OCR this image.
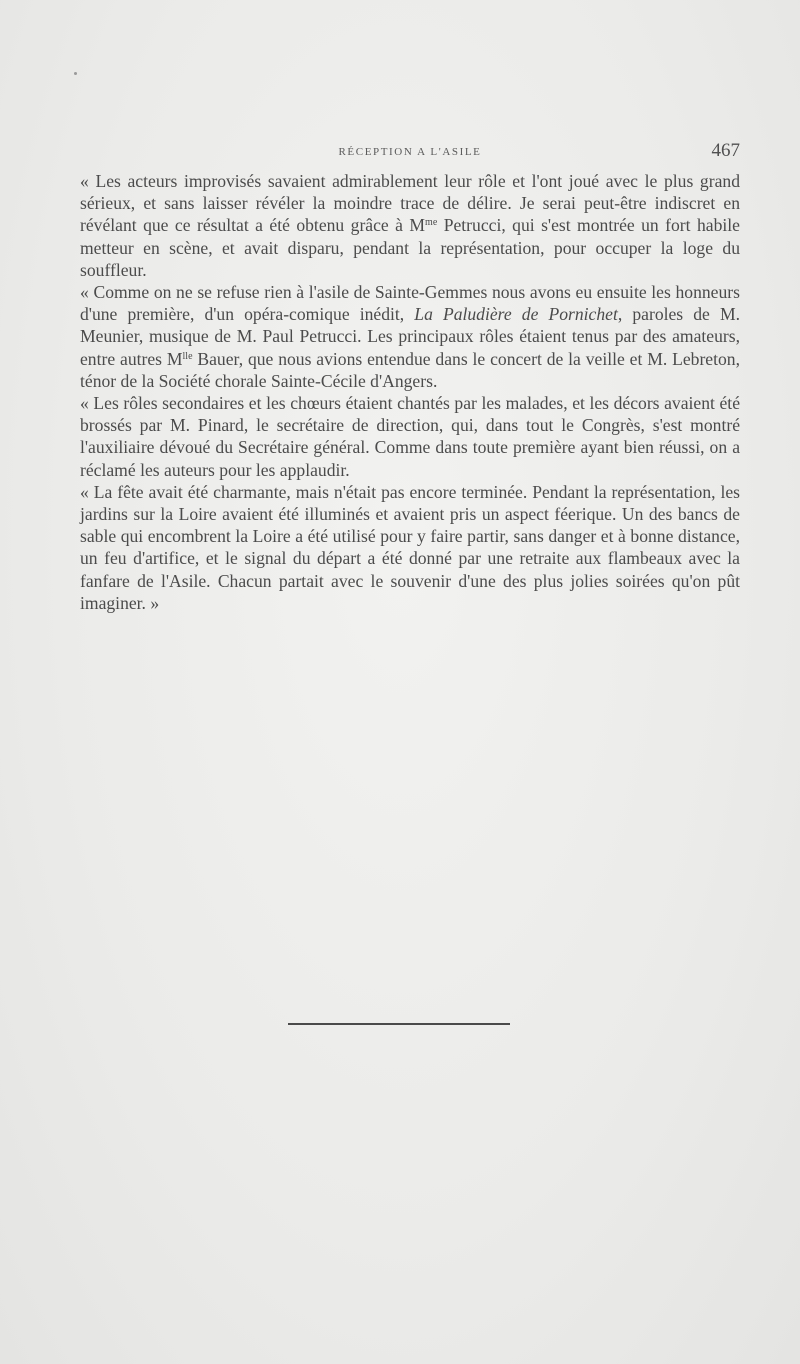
RÉCEPTION A L'ASILE	467

« Les acteurs improvisés savaient admirablement leur rôle et l'ont joué avec le plus grand sérieux, et sans laisser révéler la moindre trace de délire. Je serai peut-être indiscret en révélant que ce résultat a été obtenu grâce à $M^{me}$ Petrucci, qui s'est montrée un fort habile metteur en scène, et avait disparu, pendant la représentation, pour occuper la loge du souffleur.

« Comme on ne se refuse rien à l'asile de Sainte-Gemmes nous avons eu ensuite les honneurs d'une première, d'un opéra-comique inédit, La Paludière de Pornichet, paroles de M. Meunier, musique de M. Paul Petrucci. Les principaux rôles étaient tenus par des amateurs, entre autres $M^{lle}$ Bauer, que nous avions entendue dans le concert de la veille et M. Lebreton, ténor de la Société chorale Sainte-Cécile d'Angers.

« Les rôles secondaires et les chœurs étaient chantés par les malades, et les décors avaient été brossés par M. Pinard, le secrétaire de direction, qui, dans tout le Congrès, s'est montré l'auxiliaire dévoué du Secrétaire général. Comme dans toute première ayant bien réussi, on a réclamé les auteurs pour les applaudir.

« La fête avait été charmante, mais n'était pas encore terminée. Pendant la représentation, les jardins sur la Loire avaient été illuminés et avaient pris un aspect féerique. Un des bancs de sable qui encombrent la Loire a été utilisé pour y faire partir, sans danger et à bonne distance, un feu d'artifice, et le signal du départ a été donné par une retraite aux flambeaux avec la fanfare de l'Asile. Chacun partait avec le souvenir d'une des plus jolies soirées qu'on pût imaginer. »
